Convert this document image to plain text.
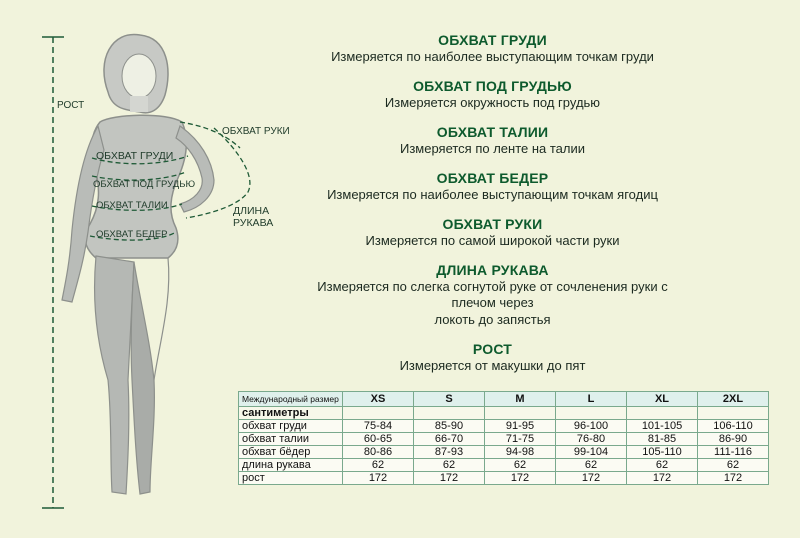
РОСТ
ОБХВАТ ГРУДИ
ОБХВАТ ПОД ГРУДЬЮ
ОБХВАТ ТАЛИИ
ОБХВАТ БЕДЕР
ОБХВАТ РУКИ
ДЛИНА
РУКАВА
ОБХВАТ ГРУДИ
Измеряется по наиболее выступающим точкам груди
ОБХВАТ ПОД ГРУДЬЮ
Измеряется окружность под грудью
ОБХВАТ ТАЛИИ
Измеряется по ленте на талии
ОБХВАТ БЕДЕР
Измеряется по наиболее выступающим точкам ягодиц
ОБХВАТ РУКИ
Измеряется по самой широкой части руки
ДЛИНА РУКАВА
Измеряется по слегка согнутой руке от сочленения руки с плечом через
локоть до запястья
РОСТ
Измеряется от макушки до пят
Международный размер	XS	S	M	L	XL	2XL
сантиметры						
обхват груди	75-84	85-90	91-95	96-100	101-105	106-110
обхват талии	60-65	66-70	71-75	76-80	81-85	86-90
обхват бёдер	80-86	87-93	94-98	99-104	105-110	111-116
длина рукава	62	62	62	62	62	62
рост	172	172	172	172	172	172
